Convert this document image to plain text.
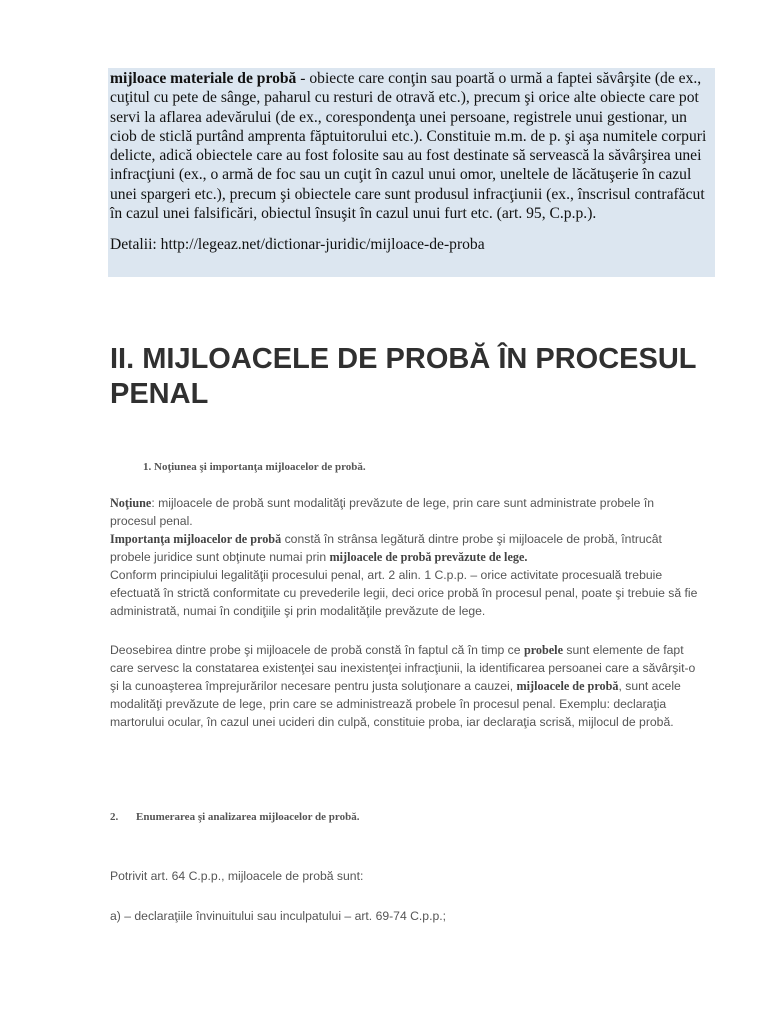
mijloace materiale de probă - obiecte care conţin sau poartă o urmă a faptei săvârşite (de ex., cuţitul cu pete de sânge, paharul cu resturi de otravă etc.), precum şi orice alte obiecte care pot servi la aflarea adevărului (de ex., corespondenţa unei persoane, registrele unui gestionar, un ciob de sticlă purtând amprenta făptuitorului etc.). Constituie m.m. de p. şi aşa numitele corpuri delicte, adică obiectele care au fost folosite sau au fost destinate să servească la săvârşirea unei infracţiuni (ex., o armă de foc sau un cuţit în cazul unui omor, uneltele de lăcătuşerie în cazul unei spargeri etc.), precum şi obiectele care sunt produsul infracţiunii (ex., înscrisul contrafăcut în cazul unei falsificări, obiectul însuşit în cazul unui furt etc. (art. 95, C.p.p.).

Detalii: http://legeaz.net/dictionar-juridic/mijloace-de-proba

II. MIJLOACELE DE PROBĂ ÎN PROCESUL PENAL

1. Noţiunea şi importanţa mijloacelor de probă.

Noţiune: mijloacele de probă sunt modalităţi prevăzute de lege, prin care sunt administrate probele în procesul penal.
Importanţa mijloacelor de probă constă în strânsa legătură dintre probe şi mijloacele de probă, întrucât probele juridice sunt obţinute numai prin mijloacele de probă prevăzute de lege.
Conform principiului legalităţii procesului penal, art. 2 alin. 1 C.p.p. – orice activitate procesuală trebuie efectuată în strictă conformitate cu prevederile legii, deci orice probă în procesul penal, poate şi trebuie să fie administrată, numai în condiţiile şi prin modalităţile prevăzute de lege.

Deosebirea dintre probe şi mijloacele de probă constă în faptul că în timp ce probele sunt elemente de fapt care servesc la constatarea existenţei sau inexistenţei infracţiunii, la identificarea persoanei care a săvârşit-o şi la cunoaşterea împrejurărilor necesare pentru justa soluţionare a cauzei, mijloacele de probă, sunt acele modalităţi prevăzute de lege, prin care se administrează probele în procesul penal. Exemplu: declaraţia martorului ocular, în cazul unei ucideri din culpă, constituie proba, iar declaraţia scrisă, mijlocul de probă.

2. Enumerarea şi analizarea mijloacelor de probă.

Potrivit art. 64 C.p.p., mijloacele de probă sunt:

a) – declaraţiile învinuitului sau inculpatului – art. 69-74 C.p.p.;
